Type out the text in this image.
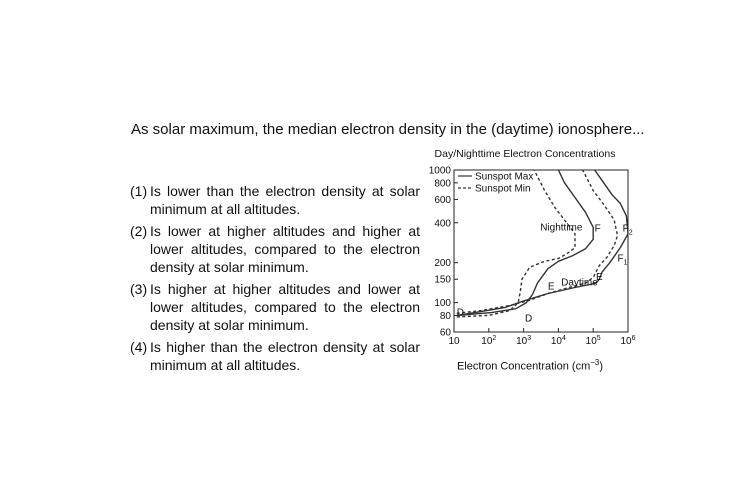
As solar maximum, the median electron density in the (daytime) ionosphere...
(1) Is lower than the electron density at solar minimum at all altitudes.
(2) Is lower at higher altitudes and higher at lower altitudes, compared to the electron density at solar minimum.
(3) Is higher at higher altitudes and lower at lower altitudes, compared to the electron density at solar minimum.
(4) Is higher than the electron density at solar minimum at all altitudes.
Day/Nighttime Electron Concentrations
60
80
100
150
200
400
600
800
1000
10 $10^2$ $10^3$ $10^4$ $10^5$ $10^6$
Nighttime
Daytime
D
D
E
E
F
$F_1$
$F_2$
Sunspot Max
Sunspot Min
Electron Concentration $(cm^{-3})$
